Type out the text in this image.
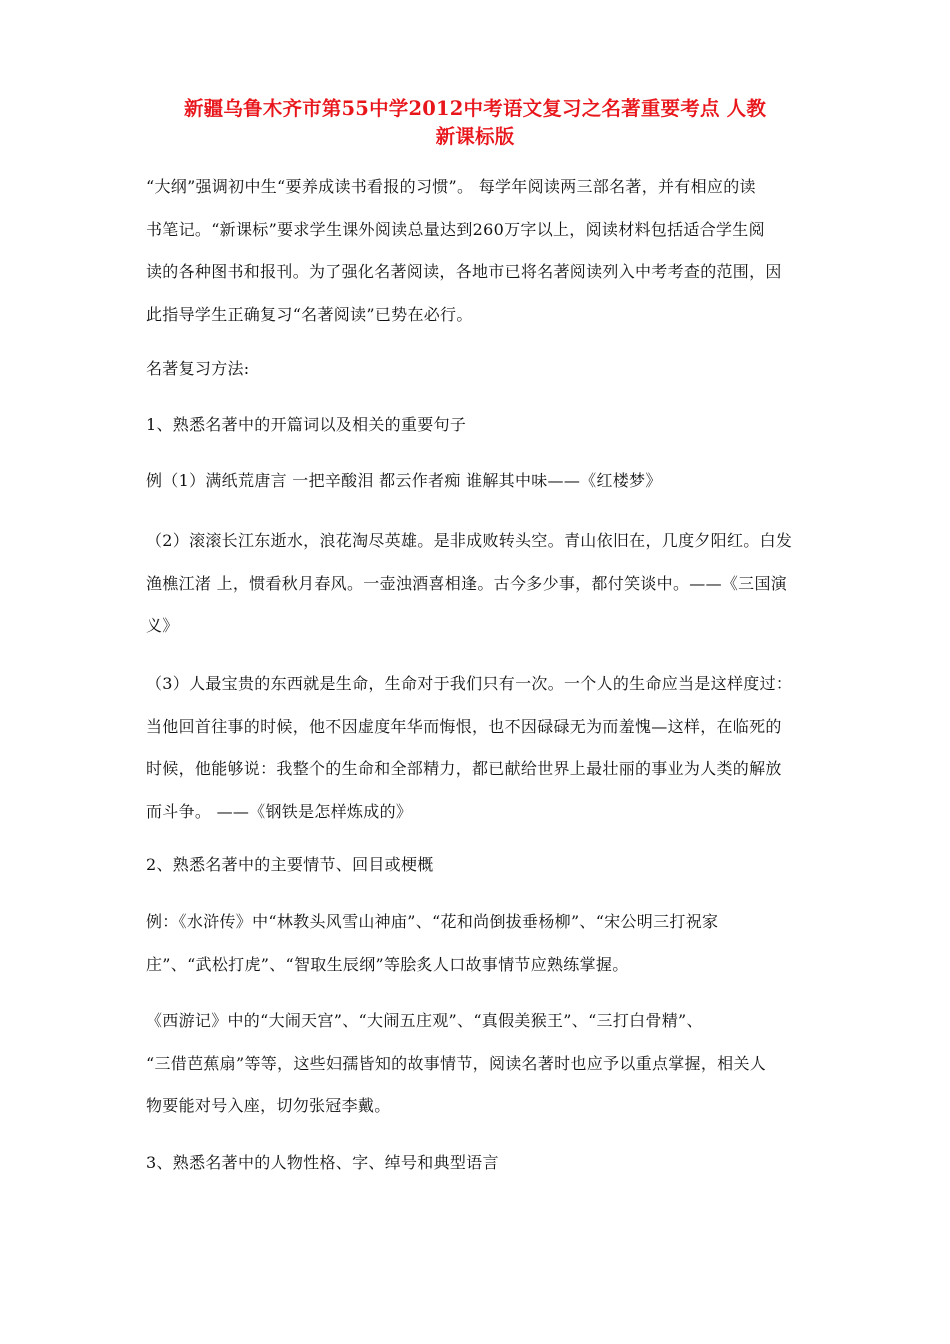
新疆乌鲁木齐市第55中学2012中考语文复习之名著重要考点 人教
新课标版
“大纲”强调初中生“要养成读书看报的习惯”。 每学年阅读两三部名著，并有相应的读
书笔记。“新课标”要求学生课外阅读总量达到260万字以上，阅读材料包括适合学生阅
读的各种图书和报刊。为了强化名著阅读，各地市已将名著阅读列入中考考查的范围，因
此指导学生正确复习“名著阅读”已势在必行。
名著复习方法:
1、熟悉名著中的开篇词以及相关的重要句子
例（1）满纸荒唐言 一把辛酸泪 都云作者痴 谁解其中味——《红楼梦》
（2）滚滚长江东逝水，浪花淘尽英雄。是非成败转头空。青山依旧在，几度夕阳红。白发
渔樵江渚 上，惯看秋月春风。一壶浊酒喜相逢。古今多少事，都付笑谈中。——《三国演
义》
（3）人最宝贵的东西就是生命，生命对于我们只有一次。一个人的生命应当是这样度过：
当他回首往事的时候，他不因虚度年华而悔恨，也不因碌碌无为而羞愧—这样，在临死的
时候，他能够说：我整个的生命和全部精力，都已献给世界上最壮丽的事业为人类的解放
而斗争。 ——《钢铁是怎样炼成的》
2、熟悉名著中的主要情节、回目或梗概
例：《水浒传》中“林教头风雪山神庙”、“花和尚倒拔垂杨柳”、“宋公明三打祝家
庄”、“武松打虎”、“智取生辰纲”等脍炙人口故事情节应熟练掌握。
《西游记》中的“大闹天宫”、“大闹五庄观”、“真假美猴王”、“三打白骨精”、
“三借芭蕉扇”等等，这些妇孺皆知的故事情节，阅读名著时也应予以重点掌握，相关人
物要能对号入座，切勿张冠李戴。
3、熟悉名著中的人物性格、字、绰号和典型语言
